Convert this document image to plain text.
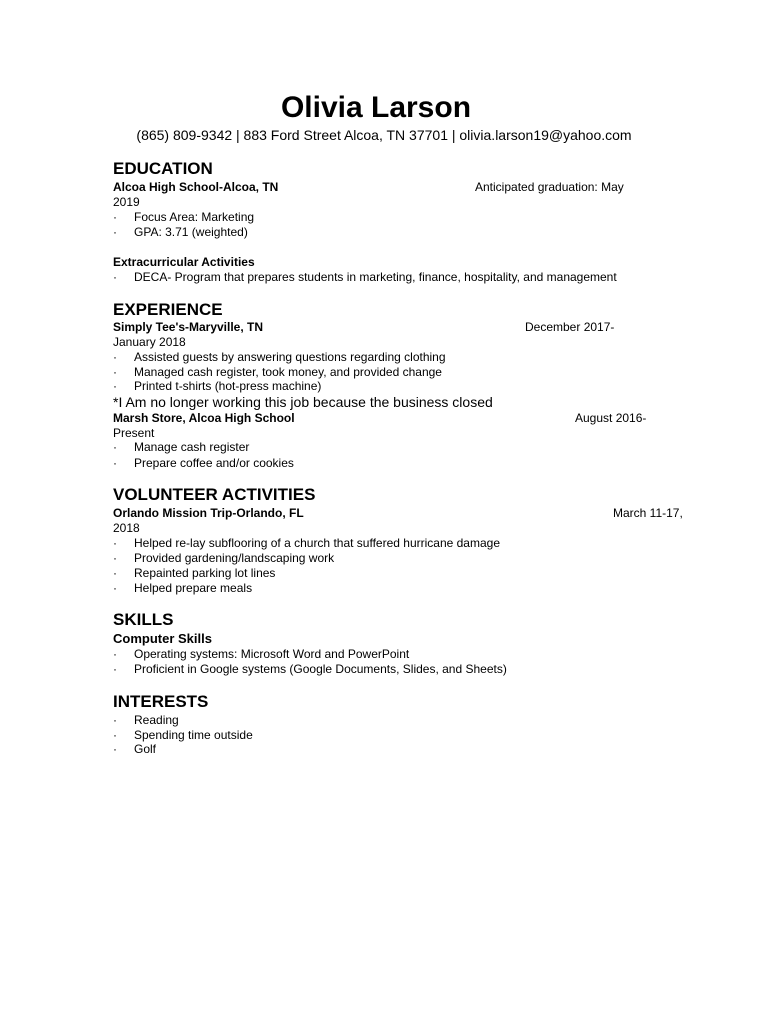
Olivia Larson
(865) 809-9342 | 883 Ford Street Alcoa, TN 37701 | olivia.larson19@yahoo.com
EDUCATION
Alcoa High School-Alcoa, TN	Anticipated graduation: May
2019
· Focus Area: Marketing
· GPA: 3.71 (weighted)
Extracurricular Activities
· DECA- Program that prepares students in marketing, finance, hospitality, and management
EXPERIENCE
Simply Tee's-Maryville, TN	December 2017-
January 2018
· Assisted guests by answering questions regarding clothing
· Managed cash register, took money, and provided change
· Printed t-shirts (hot-press machine)
*I Am no longer working this job because the business closed
Marsh Store, Alcoa High School	August 2016-
Present
· Manage cash register
· Prepare coffee and/or cookies
VOLUNTEER ACTIVITIES
Orlando Mission Trip-Orlando, FL	March 11-17,
2018
· Helped re-lay subflooring of a church that suffered hurricane damage
· Provided gardening/landscaping work
· Repainted parking lot lines
· Helped prepare meals
SKILLS
Computer Skills
· Operating systems: Microsoft Word and PowerPoint
· Proficient in Google systems (Google Documents, Slides, and Sheets)
INTERESTS
· Reading
· Spending time outside
· Golf
